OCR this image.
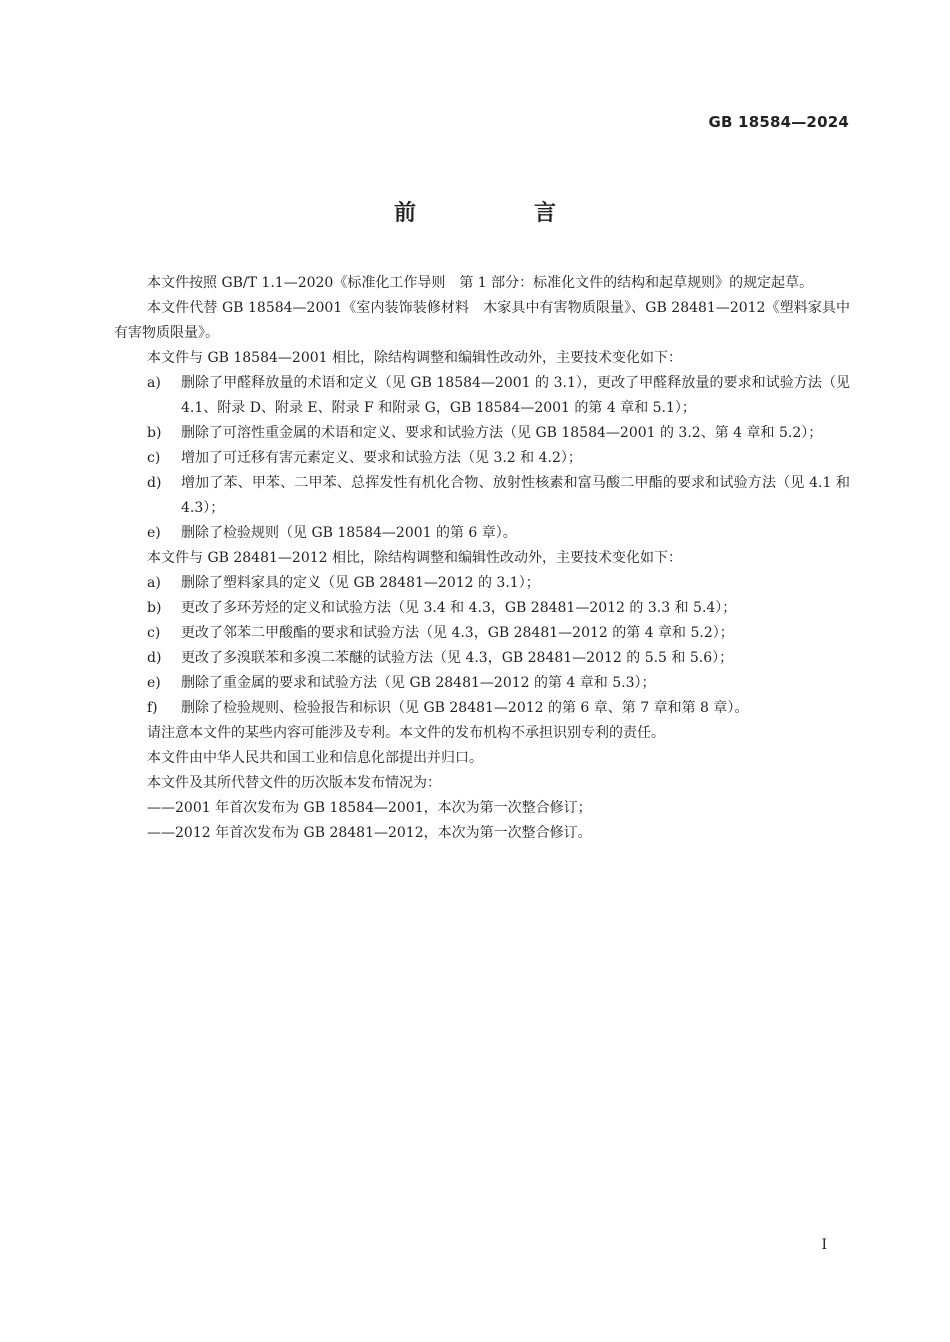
GB 18584—2024
前　言

本文件按照 GB/T 1.1—2020《标准化工作导则　第 1 部分：标准化文件的结构和起草规则》的规定起草。

本文件代替 GB 18584—2001《室内装饰装修材料　木家具中有害物质限量》、GB 28481—2012《塑料家具中有害物质限量》。

本文件与 GB 18584—2001 相比，除结构调整和编辑性改动外，主要技术变化如下：

a)	删除了甲醛释放量的术语和定义（见 GB 18584—2001 的 3.1），更改了甲醛释放量的要求和试验方法（见 4.1、附录 D、附录 E、附录 F 和附录 G，GB 18584—2001 的第 4 章和 5.1）；
b)	删除了可溶性重金属的术语和定义、要求和试验方法（见 GB 18584—2001 的 3.2、第 4 章和 5.2）；
c)	增加了可迁移有害元素定义、要求和试验方法（见 3.2 和 4.2）；
d)	增加了苯、甲苯、二甲苯、总挥发性有机化合物、放射性核素和富马酸二甲酯的要求和试验方法（见 4.1 和 4.3）；
e)	删除了检验规则（见 GB 18584—2001 的第 6 章）。

本文件与 GB 28481—2012 相比，除结构调整和编辑性改动外，主要技术变化如下：

a)	删除了塑料家具的定义（见 GB 28481—2012 的 3.1）；
b)	更改了多环芳烃的定义和试验方法（见 3.4 和 4.3，GB 28481—2012 的 3.3 和 5.4）；
c)	更改了邻苯二甲酸酯的要求和试验方法（见 4.3，GB 28481—2012 的第 4 章和 5.2）；
d)	更改了多溴联苯和多溴二苯醚的试验方法（见 4.3，GB 28481—2012 的 5.5 和 5.6）；
e)	删除了重金属的要求和试验方法（见 GB 28481—2012 的第 4 章和 5.3）；
f)	删除了检验规则、检验报告和标识（见 GB 28481—2012 的第 6 章、第 7 章和第 8 章）。

请注意本文件的某些内容可能涉及专利。本文件的发布机构不承担识别专利的责任。

本文件由中华人民共和国工业和信息化部提出并归口。

本文件及其所代替文件的历次版本发布情况为：

——2001 年首次发布为 GB 18584—2001，本次为第一次整合修订；

——2012 年首次发布为 GB 28481—2012，本次为第一次整合修订。

I
